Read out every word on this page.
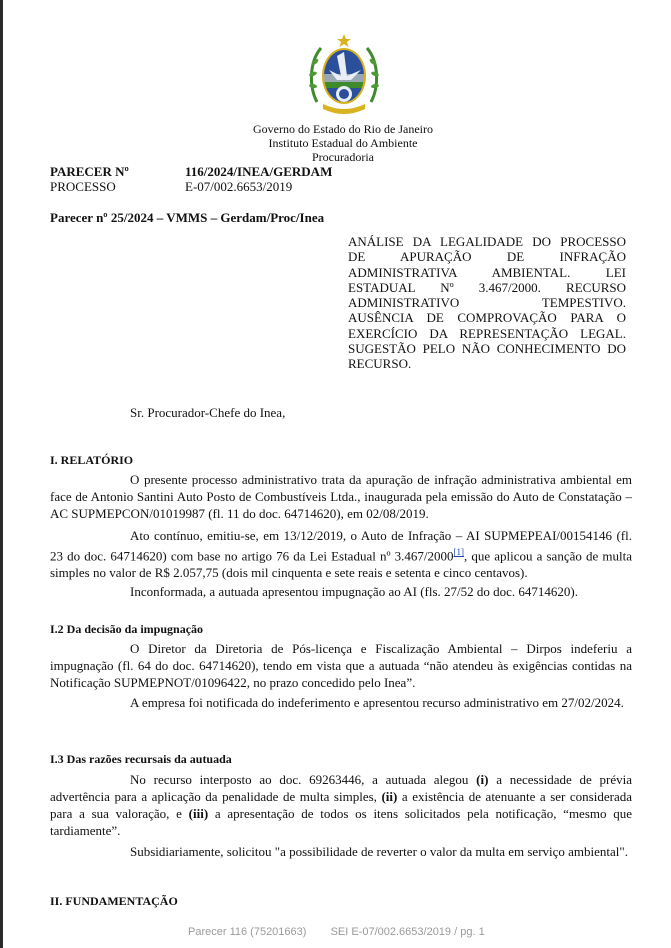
Governo do Estado do Rio de Janeiro
Instituto Estadual do Ambiente
Procuradoria
PARECER Nº	116/2024/INEA/GERDAM
PROCESSO	E-07/002.6653/2019
Parecer nº 25/2024 – VMMS – Gerdam/Proc/Inea
ANÁLISE DA LEGALIDADE DO PROCESSO
DE APURAÇÃO DE INFRAÇÃO
ADMINISTRATIVA AMBIENTAL. LEI
ESTADUAL Nº 3.467/2000. RECURSO
ADMINISTRATIVO TEMPESTIVO.
AUSÊNCIA DE COMPROVAÇÃO PARA O
EXERCÍCIO DA REPRESENTAÇÃO LEGAL.
SUGESTÃO PELO NÃO CONHECIMENTO DO
RECURSO.
Sr. Procurador-Chefe do Inea,
I. RELATÓRIO
O presente processo administrativo trata da apuração de infração administrativa ambiental em face de Antonio Santini Auto Posto de Combustíveis Ltda., inaugurada pela emissão do Auto de Constatação – AC SUPMEPCON/01019987 (fl. 11 do doc. 64714620), em 02/08/2019.
Ato contínuo, emitiu-se, em 13/12/2019, o Auto de Infração – AI SUPMEPEAI/00154146 (fl. 23 do doc. 64714620) com base no artigo 76 da Lei Estadual nº 3.467/2000[1], que aplicou a sanção de multa simples no valor de R$ 2.057,75 (dois mil cinquenta e sete reais e setenta e cinco centavos).
Inconformada, a autuada apresentou impugnação ao AI (fls. 27/52 do doc. 64714620).
I.2 Da decisão da impugnação
O Diretor da Diretoria de Pós-licença e Fiscalização Ambiental – Dirpos indeferiu a impugnação (fl. 64 do doc. 64714620), tendo em vista que a autuada “não atendeu às exigências contidas na Notificação SUPMEPNOT/01096422, no prazo concedido pelo Inea”.
A empresa foi notificada do indeferimento e apresentou recurso administrativo em 27/02/2024.
I.3 Das razões recursais da autuada
No recurso interposto ao doc. 69263446, a autuada alegou (i) a necessidade de prévia advertência para a aplicação da penalidade de multa simples, (ii) a existência de atenuante a ser considerada para a sua valoração, e (iii) a apresentação de todos os itens solicitados pela notificação, “mesmo que tardiamente”.
Subsidiariamente, solicitou "a possibilidade de reverter o valor da multa em serviço ambiental".
II. FUNDAMENTAÇÃO
Parecer 116 (75201663) SEI E-07/002.6653/2019 / pg. 1
